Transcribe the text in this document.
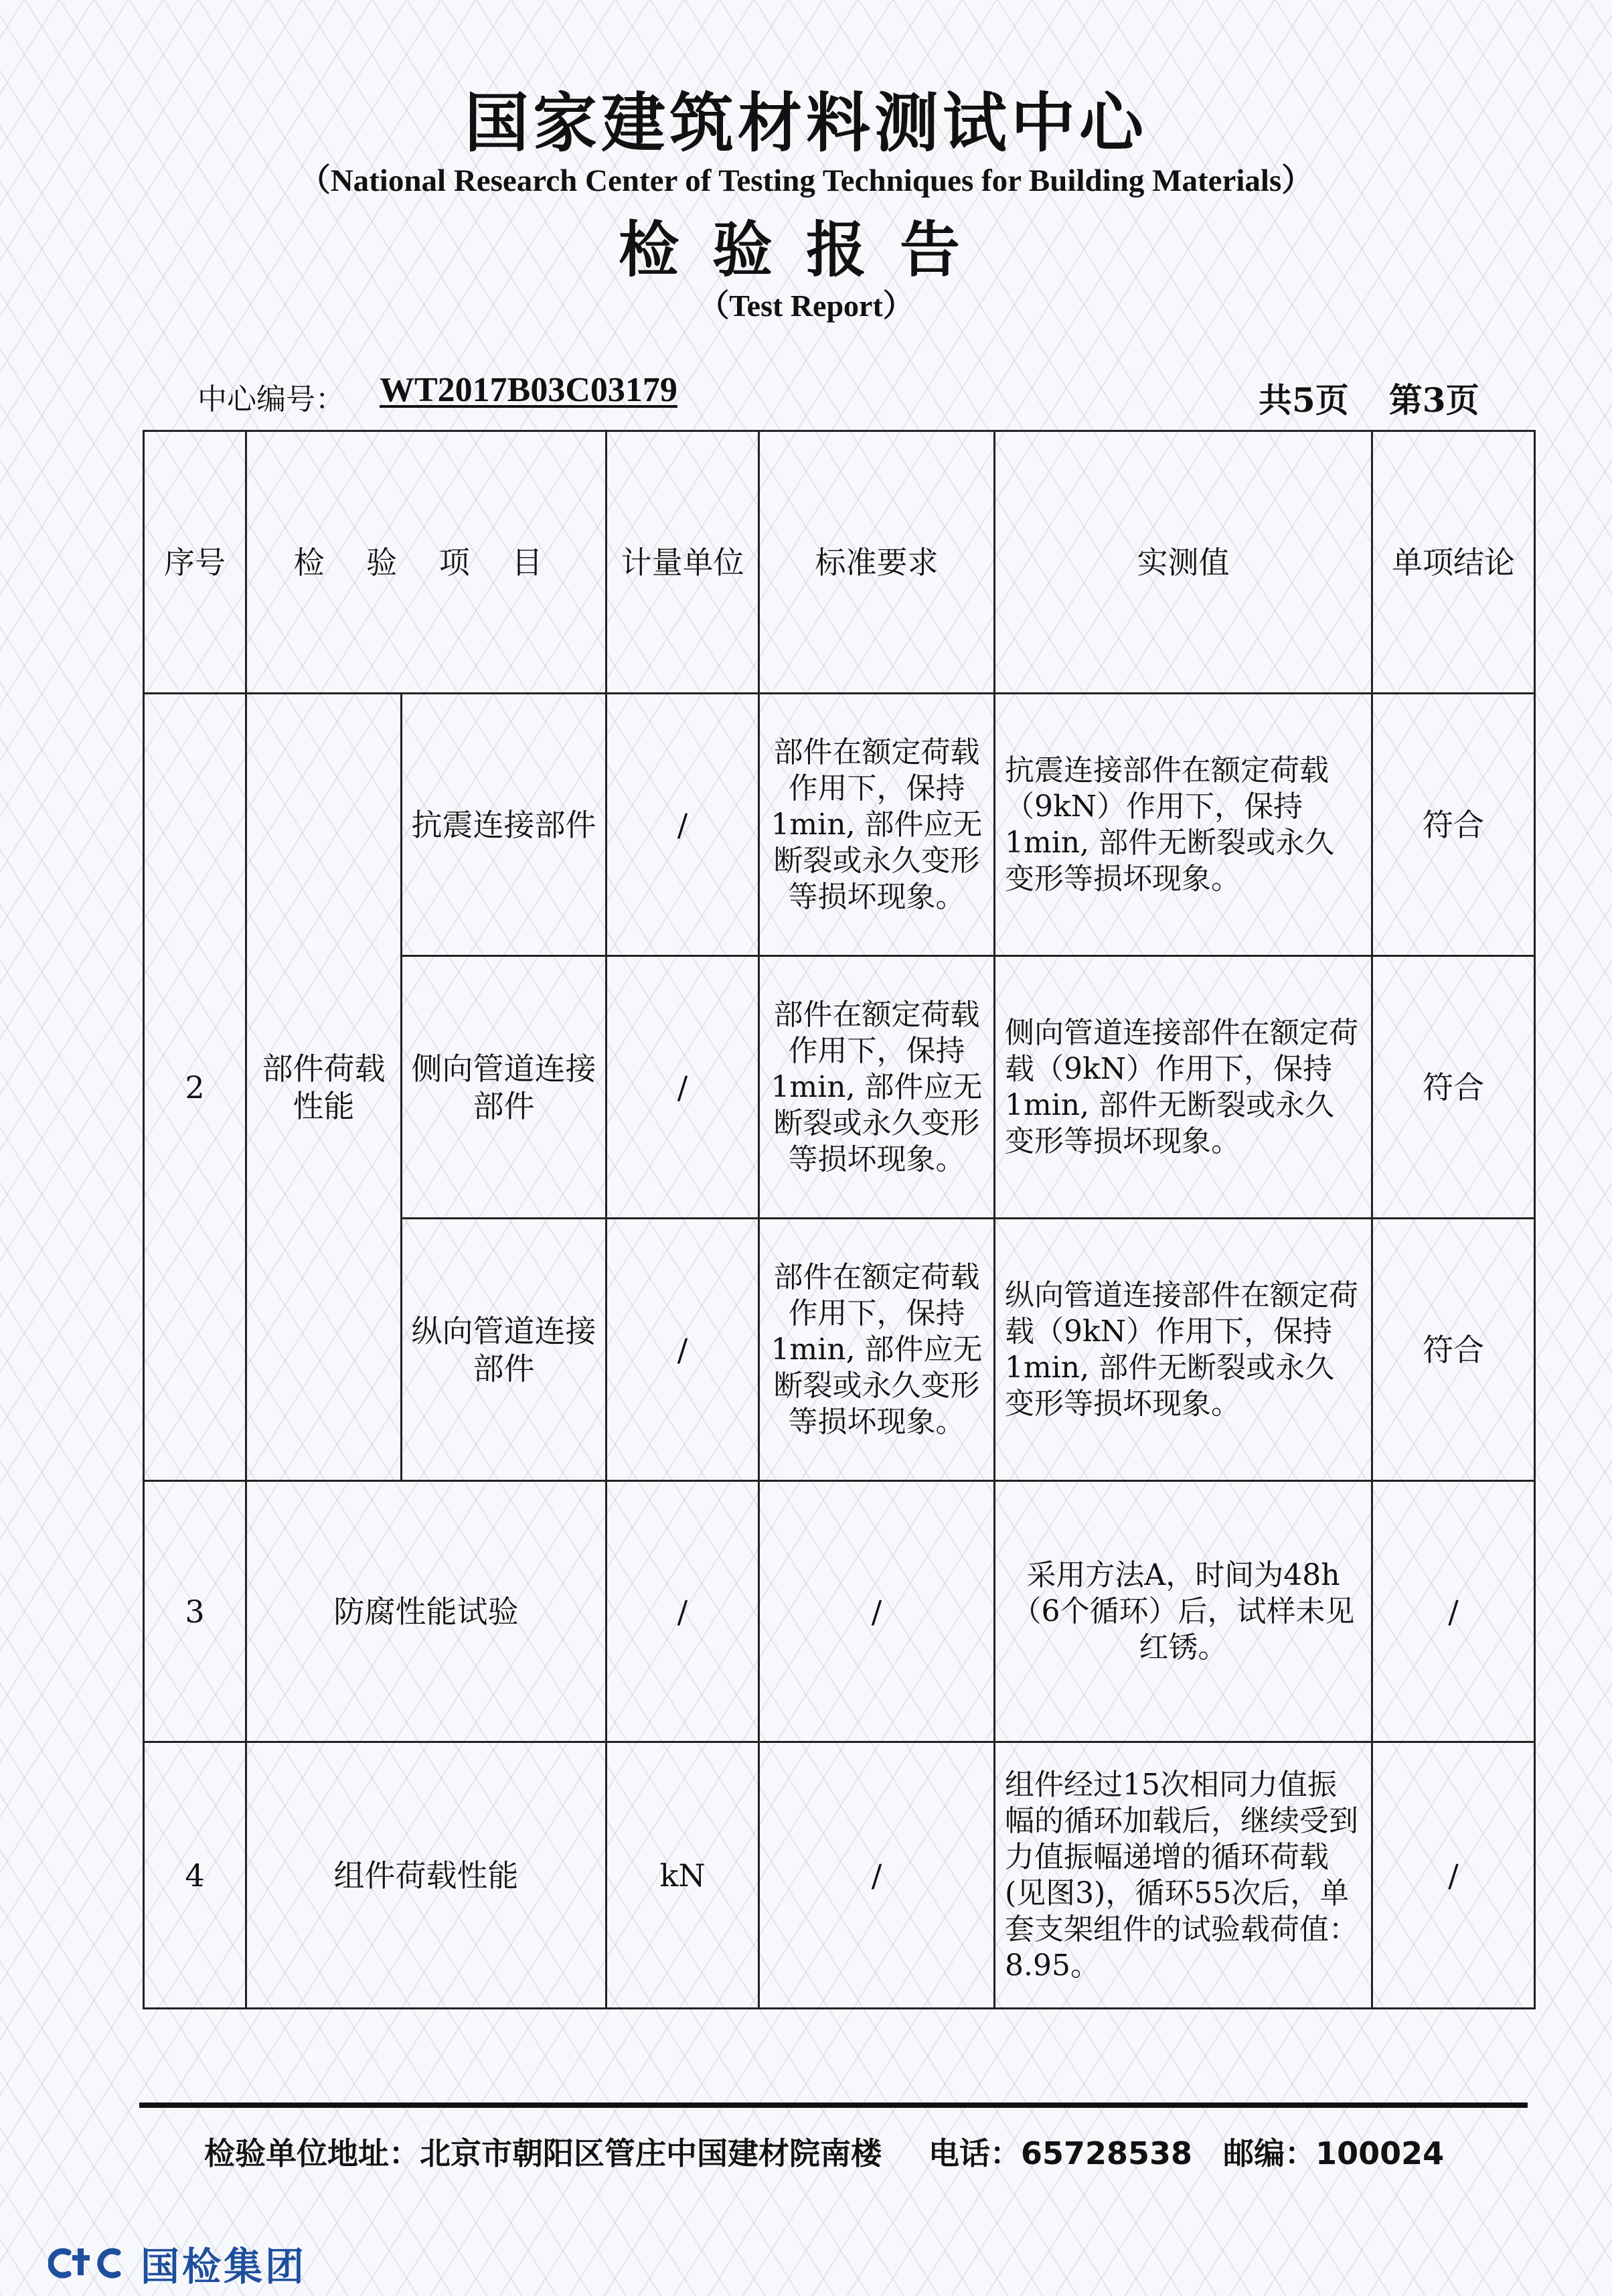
国家建筑材料测试中心
（National Research Center of Testing Techniques for Building Materials）
检验报告
（Test Report）
中心编号： WT2017B03C03179	共5页 第3页
序号	检 验 项 目		计量单位	标准要求	实测值	单项结论
2	部件荷载性能	抗震连接部件	/	部件在额定荷载作用下，保持1min, 部件应无断裂或永久变形等损坏现象。	抗震连接部件在额定荷载（9kN）作用下，保持1min, 部件无断裂或永久变形等损坏现象。	符合
		侧向管道连接部件	/	部件在额定荷载作用下，保持1min, 部件应无断裂或永久变形等损坏现象。	侧向管道连接部件在额定荷载（9kN）作用下，保持1min, 部件无断裂或永久变形等损坏现象。	符合
		纵向管道连接部件	/	部件在额定荷载作用下，保持1min, 部件应无断裂或永久变形等损坏现象。	纵向管道连接部件在额定荷载（9kN）作用下，保持1min, 部件无断裂或永久变形等损坏现象。	符合
3	防腐性能试验		/	/	采用方法A，时间为48h（6个循环）后，试样未见红锈。	/
4	组件荷载性能		kN	/	组件经过15次相同力值振幅的循环加载后，继续受到力值振幅递增的循环荷载(见图3)，循环55次后，单套支架组件的试验载荷值：8.95。	/
检验单位地址：北京市朝阳区管庄中国建材院南楼 电话：65728538 邮编：100024
国检集团
